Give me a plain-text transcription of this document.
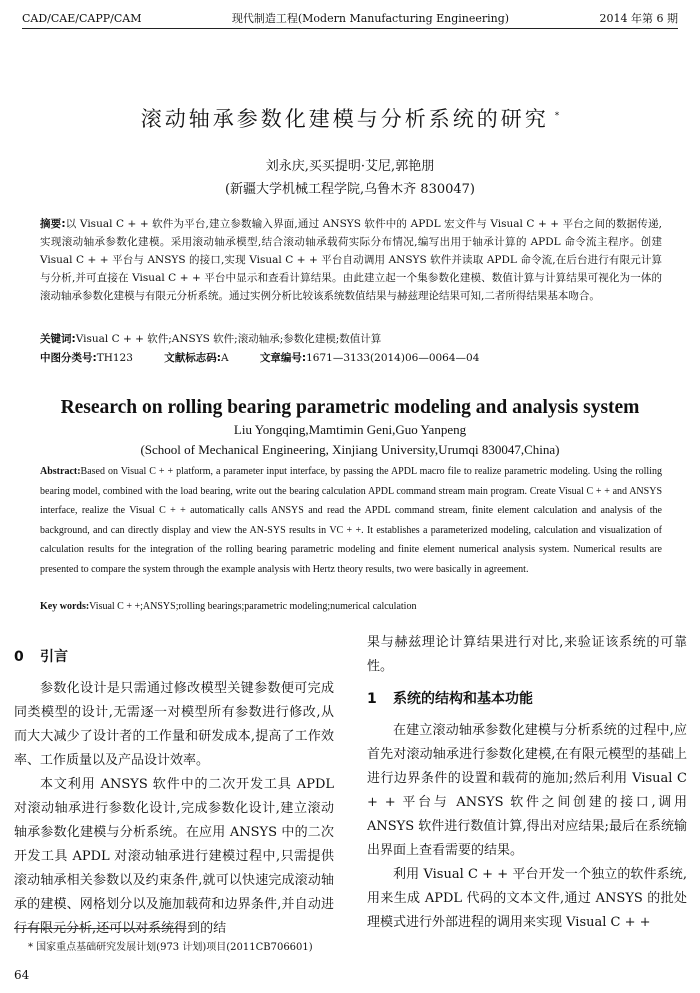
CAD/CAE/CAPP/CAM	现代制造工程(Modern Manufacturing Engineering)	2014 年第 6 期
滚动轴承参数化建模与分析系统的研究 *
刘永庆,买买提明·艾尼,郭艳朋
(新疆大学机械工程学院,乌鲁木齐 830047)
摘要:以 Visual C + + 软件为平台,建立参数输入界面,通过 ANSYS 软件中的 APDL 宏文件与 Visual C + + 平台之间的数据传递,实现滚动轴承参数化建模。采用滚动轴承模型,结合滚动轴承载荷实际分布情况,编写出用于轴承计算的 APDL 命令流主程序。创建 Visual C + + 平台与 ANSYS 的接口,实现 Visual C + + 平台自动调用 ANSYS 软件并读取 APDL 命令流,在后台进行有限元计算与分析,并可直接在 Visual C + + 平台中显示和查看计算结果。由此建立起一个集参数化建模、数值计算与计算结果可视化为一体的滚动轴承参数化建模与有限元分析系统。通过实例分析比较该系统数值结果与赫兹理论结果可知,二者所得结果基本吻合。
关键词:Visual C + + 软件;ANSYS 软件;滚动轴承;参数化建模;数值计算
中图分类号:TH123	文献标志码:A	文章编号:1671—3133(2014)06—0064—04
Research on rolling bearing parametric modeling and analysis system
Liu Yongqing,Mamtimin Geni,Guo Yanpeng
(School of Mechanical Engineering, Xinjiang University,Urumqi 830047,China)
Abstract:Based on Visual C + + platform, a parameter input interface, by passing the APDL macro file to realize parametric modeling. Using the rolling bearing model, combined with the load bearing, write out the bearing calculation APDL command stream main program. Create Visual C + + and ANSYS interface, realize the Visual C + + automatically calls ANSYS and read the APDL command stream, finite element calculation and analysis of the background, and can directly display and view the AN-SYS results in VC + +. It establishes a parameterized modeling, calculation and visualization of calculation results for the integration of the rolling bearing parametric modeling and finite element numerical analysis system. Numerical results are presented to compare the system through the example analysis with Hertz theory results, two were basically in agreement.
Key words:Visual C + +;ANSYS;rolling bearings;parametric modeling;numerical calculation
0 引言

参数化设计是只需通过修改模型关键参数便可完成同类模型的设计,无需逐一对模型所有参数进行修改,从而大大减少了设计者的工作量和研发成本,提高了工作效率、工作质量以及产品设计效率。

本文利用 ANSYS 软件中的二次开发工具 APDL 对滚动轴承进行参数化设计,完成参数化设计,建立滚动轴承参数化建模与分析系统。在应用 ANSYS 中的二次开发工具 APDL 对滚动轴承进行建模过程中,只需提供滚动轴承相关参数以及约束条件,就可以快速完成滚动轴承的建模、网格划分以及施加载荷和边界条件,并自动进行有限元分析,还可以对系统得到的结

果与赫兹理论计算结果进行对比,来验证该系统的可靠性。

1 系统的结构和基本功能

在建立滚动轴承参数化建模与分析系统的过程中,应首先对滚动轴承进行参数化建模,在有限元模型的基础上进行边界条件的设置和载荷的施加;然后利用 Visual C + + 平台与 ANSYS 软件之间创建的接口,调用 ANSYS 软件进行数值计算,得出对应结果;最后在系统输出界面上查看需要的结果。

利用 Visual C + + 平台开发一个独立的软件系统,用来生成 APDL 代码的文本文件,通过 ANSYS 的批处理模式进行外部进程的调用来实现 Visual C + +

* 国家重点基础研究发展计划(973 计划)项目(2011CB706601)
64
